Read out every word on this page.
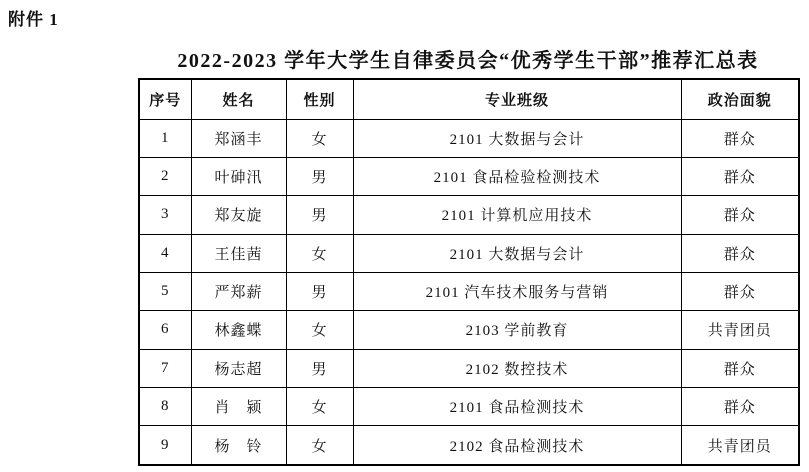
附件 1
2022-2023 学年大学生自律委员会“优秀学生干部”推荐汇总表
序号	姓名	性别	专业班级	政治面貌
1	郑涵丰	女	2101 大数据与会计	群众
2	叶砷汛	男	2101 食品检验检测技术	群众
3	郑友旋	男	2101 计算机应用技术	群众
4	王佳茜	女	2101 大数据与会计	群众
5	严郑薪	男	2101 汽车技术服务与营销	群众
6	林鑫蝶	女	2103 学前教育	共青团员
7	杨志超	男	2102 数控技术	群众
8	肖　颍	女	2101 食品检测技术	群众
9	杨　铃	女	2102 食品检测技术	共青团员
